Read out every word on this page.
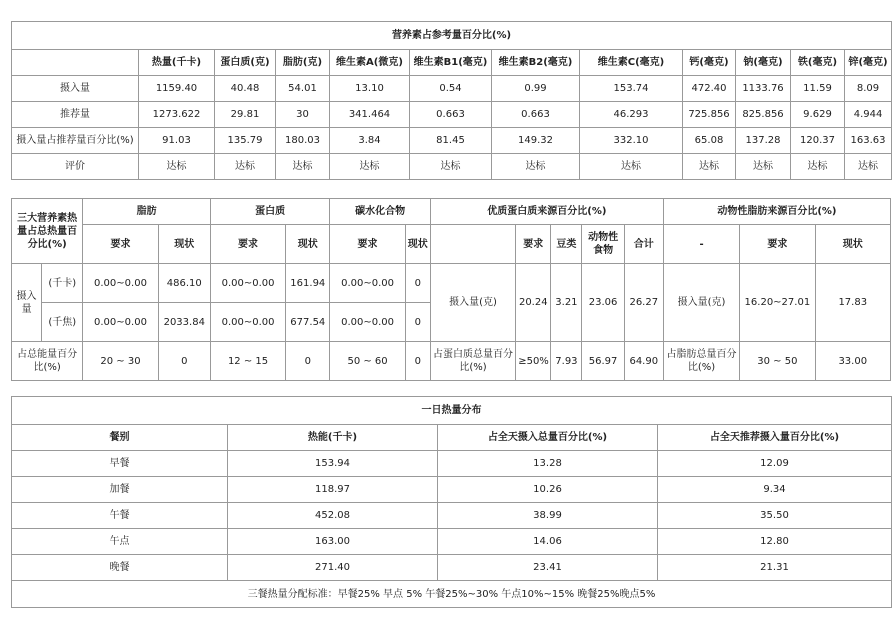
营养素占参考量百分比(%)											
	热量(千卡)	蛋白质(克)	脂肪(克)	维生素A(微克)	维生素B1(毫克)	维生素B2(毫克)	维生素C(毫克)	钙(毫克)	钠(毫克)	铁(毫克)	锌(毫克)
摄入量	1159.40	40.48	54.01	13.10	0.54	0.99	153.74	472.40	1133.76	11.59	8.09
推荐量	1273.622	29.81	30	341.464	0.663	0.663	46.293	725.856	825.856	9.629	4.944
摄入量占推荐量百分比(%)	91.03	135.79	180.03	3.84	81.45	149.32	332.10	65.08	137.28	120.37	163.63
评价	达标	达标	达标	达标	达标	达标	达标	达标	达标	达标	达标
三大营养素热量占总热量百分比(%)		脂肪		蛋白质		碳水化合物		优质蛋白质来源百分比(%)					动物性脂肪来源百分比(%)		
		要求	现状	要求	现状	要求	现状		要求	豆类	动物性食物	合计	-	要求	现状
摄入量	(千卡)	0.00~0.00	486.10	0.00~0.00	161.94	0.00~0.00	0	摄入量(克)	20.24	3.21	23.06	26.27	摄入量(克)	16.20~27.01	17.83
	(千焦)	0.00~0.00	2033.84	0.00~0.00	677.54	0.00~0.00	0								
占总能量百分比(%)		20 ~ 30	0	12 ~ 15	0	50 ~ 60	0	占蛋白质总量百分比(%)	≥50%	7.93	56.97	64.90	占脂肪总量百分比(%)	30 ~ 50	33.00
一日热量分布			
餐别	热能(千卡)	占全天摄入总量百分比(%)	占全天推荐摄入量百分比(%)
早餐	153.94	13.28	12.09
加餐	118.97	10.26	9.34
午餐	452.08	38.99	35.50
午点	163.00	14.06	12.80
晚餐	271.40	23.41	21.31
三餐热量分配标准：早餐25% 早点 5% 午餐25%~30% 午点10%~15% 晚餐25%晚点5%			
